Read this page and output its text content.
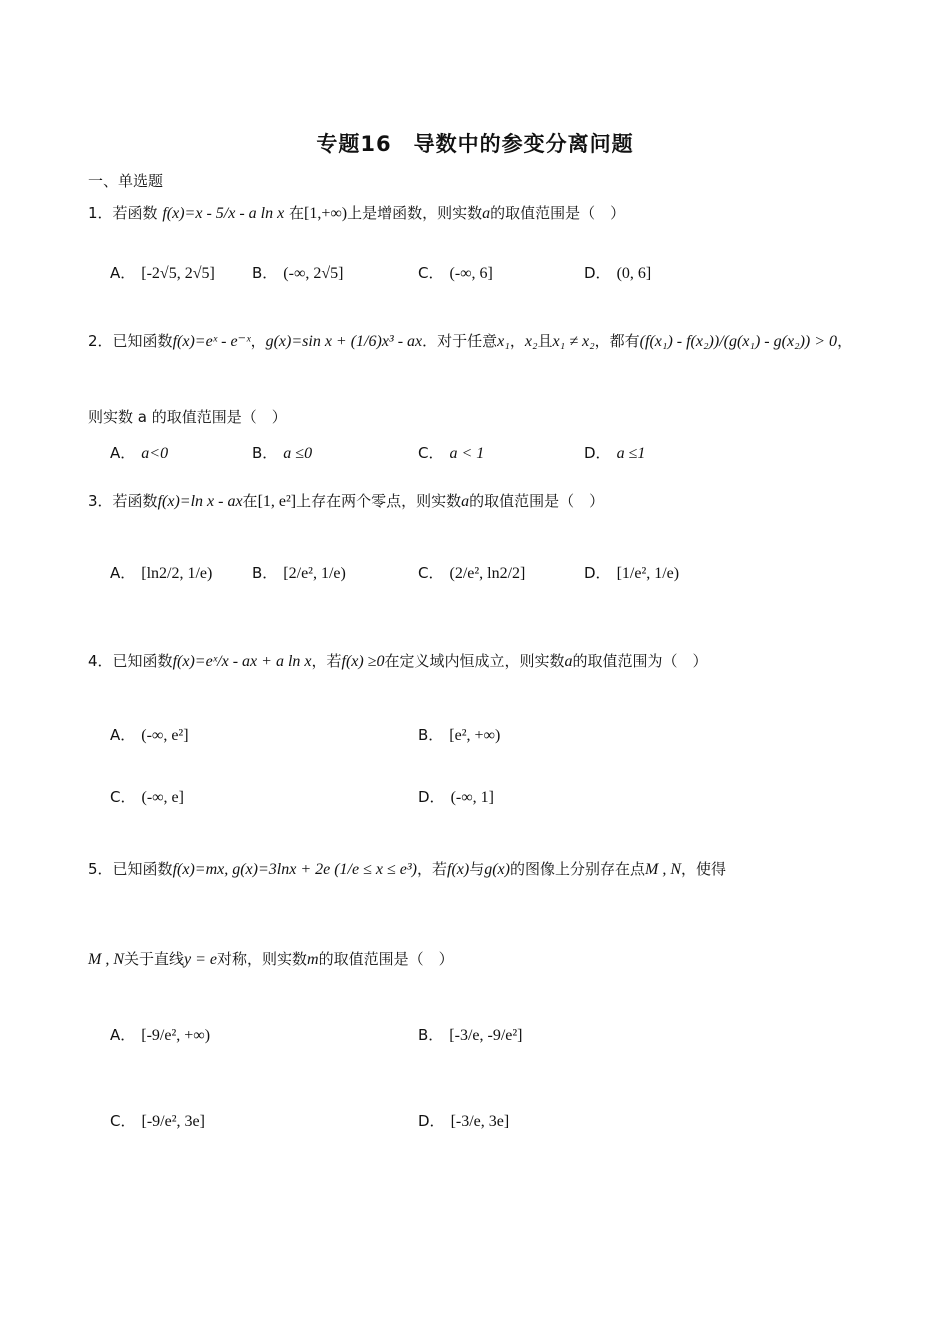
专题16　导数中的参变分离问题
一、单选题
1．若函数 f(x)=x - 5/x - a ln x 在[1,+∞)上是增函数，则实数a的取值范围是（　）
A． [-2√5, 2√5] B． (-∞, 2√5]	C． (-∞, 6]	D． (0, 6]
2．已知函数f(x)=eˣ - e⁻ˣ，g(x)=sin x + (1/6)x³ - ax．对于任意x₁，x₂且x₁ ≠ x₂，都有(f(x₁) - f(x₂))/(g(x₁) - g(x₂)) > 0，
则实数 a 的取值范围是（　）
A． a<0	B． a ≤0	C． a < 1	D． a ≤1
3．若函数f(x)=ln x - ax在[1, e²]上存在两个零点，则实数a的取值范围是（　）
A． [ln2/2, 1/e)	B． [2/e², 1/e)	C． (2/e², ln2/2]	D． [1/e², 1/e)
4．已知函数f(x)=eˣ/x - ax + a ln x，若f(x) ≥0在定义域内恒成立，则实数a的取值范围为（　）
A． (-∞, e²]	B． [e², +∞)
C． (-∞, e]	D． (-∞, 1]
5．已知函数f(x)=mx, g(x)=3lnx + 2e (1/e ≤ x ≤ e³)，若f(x)与g(x)的图像上分别存在点M , N，使得
M , N关于直线y = e对称，则实数m的取值范围是（　）
A． [-9/e², +∞)	B． [-3/e, -9/e²]
C． [-9/e², 3e]	D． [-3/e, 3e]
